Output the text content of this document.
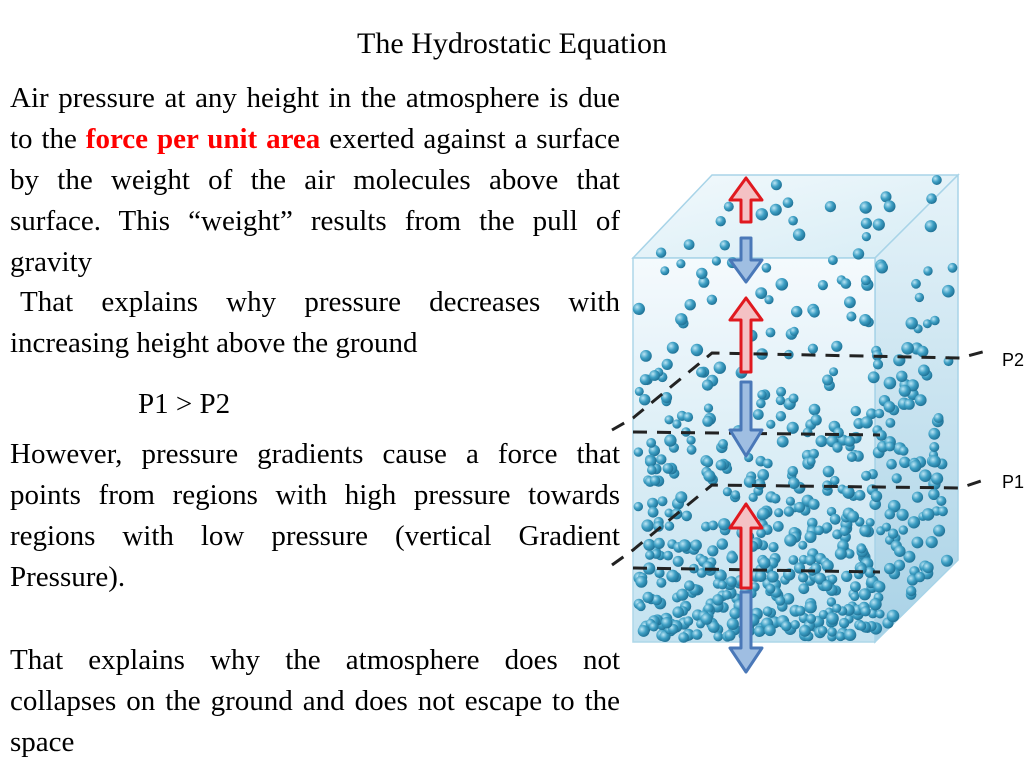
The Hydrostatic Equation
Air pressure at any height in the atmosphere is due to the force per unit area exerted against a surface by the weight of the air molecules above that surface. This “weight” results from the pull of gravity
That explains why pressure decreases with increasing height above the ground
P1 > P2
However, pressure gradients cause a force that points from regions with high pressure towards regions with low pressure (vertical Gradient Pressure).
That explains why the atmosphere does not collapses on the ground and does not escape to the space
P2
P1
